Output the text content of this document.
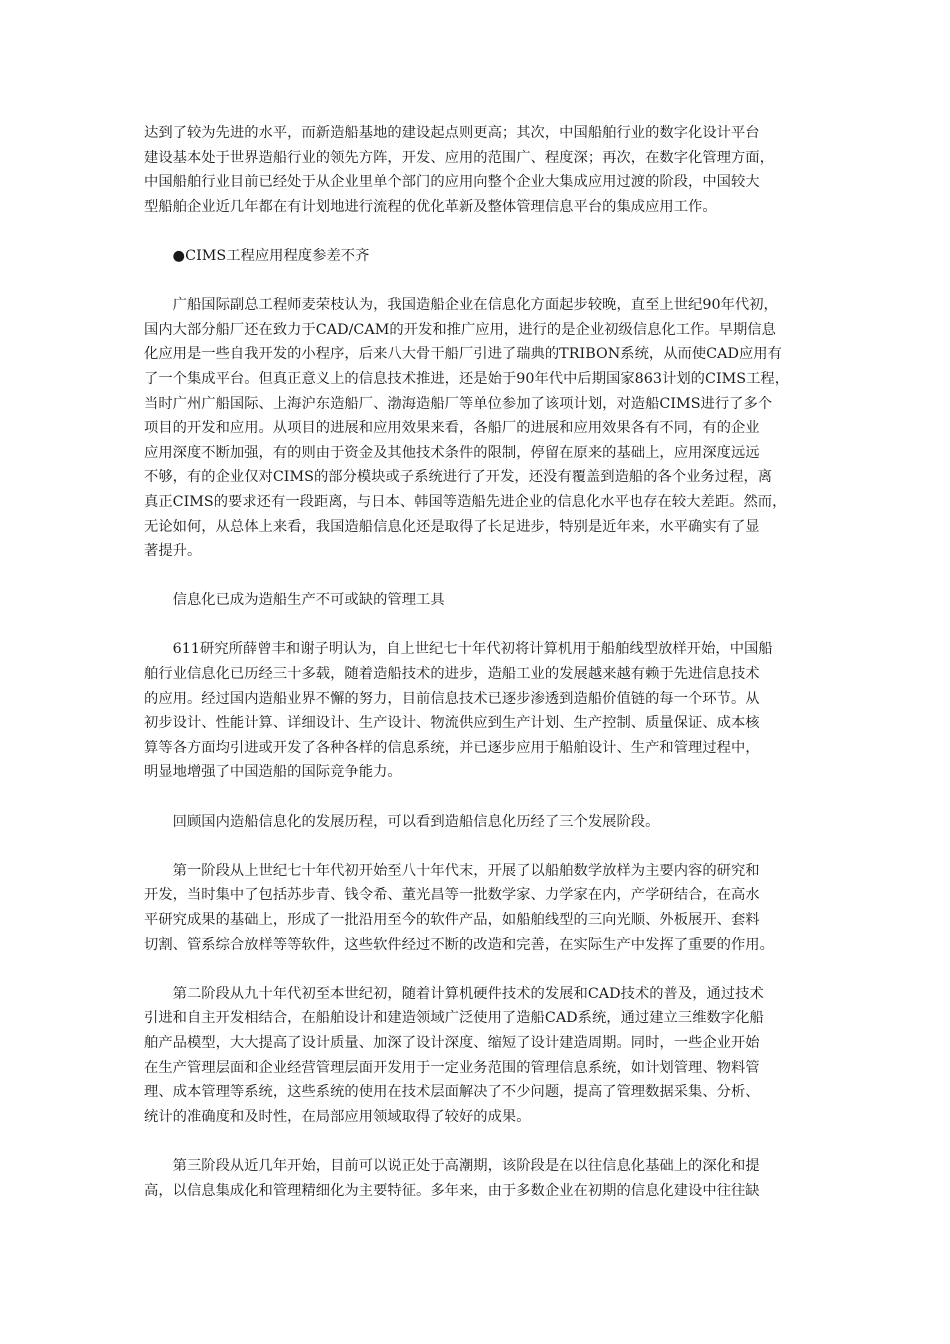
达到了较为先进的水平，而新造船基地的建设起点则更高；其次，中国船舶行业的数字化设计平台
建设基本处于世界造船行业的领先方阵，开发、应用的范围广、程度深；再次，在数字化管理方面，
中国船舶行业目前已经处于从企业里单个部门的应用向整个企业大集成应用过渡的阶段，中国较大
型船舶企业近几年都在有计划地进行流程的优化革新及整体管理信息平台的集成应用工作。
　　●CIMS工程应用程度参差不齐
　　广船国际副总工程师麦荣枝认为，我国造船企业在信息化方面起步较晚，直至上世纪90年代初，
国内大部分船厂还在致力于CAD/CAM的开发和推广应用，进行的是企业初级信息化工作。早期信息
化应用是一些自我开发的小程序，后来八大骨干船厂引进了瑞典的TRIBON系统，从而使CAD应用有
了一个集成平台。但真正意义上的信息技术推进，还是始于90年代中后期国家863计划的CIMS工程，
当时广州广船国际、上海沪东造船厂、渤海造船厂等单位参加了该项计划，对造船CIMS进行了多个
项目的开发和应用。从项目的进展和应用效果来看，各船厂的进展和应用效果各有不同，有的企业
应用深度不断加强，有的则由于资金及其他技术条件的限制，停留在原来的基础上，应用深度远远
不够，有的企业仅对CIMS的部分模块或子系统进行了开发，还没有覆盖到造船的各个业务过程，离
真正CIMS的要求还有一段距离，与日本、韩国等造船先进企业的信息化水平也存在较大差距。然而，
无论如何，从总体上来看，我国造船信息化还是取得了长足进步，特别是近年来，水平确实有了显
著提升。
　　信息化已成为造船生产不可或缺的管理工具
　　611研究所薛曾丰和谢子明认为，自上世纪七十年代初将计算机用于船舶线型放样开始，中国船
舶行业信息化已历经三十多载，随着造船技术的进步，造船工业的发展越来越有赖于先进信息技术
的应用。经过国内造船业界不懈的努力，目前信息技术已逐步渗透到造船价值链的每一个环节。从
初步设计、性能计算、详细设计、生产设计、物流供应到生产计划、生产控制、质量保证、成本核
算等各方面均引进或开发了各种各样的信息系统，并已逐步应用于船舶设计、生产和管理过程中，
明显地增强了中国造船的国际竞争能力。
　　回顾国内造船信息化的发展历程，可以看到造船信息化历经了三个发展阶段。
　　第一阶段从上世纪七十年代初开始至八十年代末，开展了以船舶数学放样为主要内容的研究和
开发，当时集中了包括苏步青、钱令希、董光昌等一批数学家、力学家在内，产学研结合，在高水
平研究成果的基础上，形成了一批沿用至今的软件产品，如船舶线型的三向光顺、外板展开、套料
切割、管系综合放样等等软件，这些软件经过不断的改造和完善，在实际生产中发挥了重要的作用。
　　第二阶段从九十年代初至本世纪初，随着计算机硬件技术的发展和CAD技术的普及，通过技术
引进和自主开发相结合，在船舶设计和建造领域广泛使用了造船CAD系统，通过建立三维数字化船
舶产品模型，大大提高了设计质量、加深了设计深度、缩短了设计建造周期。同时，一些企业开始
在生产管理层面和企业经营管理层面开发用于一定业务范围的管理信息系统，如计划管理、物料管
理、成本管理等系统，这些系统的使用在技术层面解决了不少问题，提高了管理数据采集、分析、
统计的准确度和及时性，在局部应用领域取得了较好的成果。
　　第三阶段从近几年开始，目前可以说正处于高潮期，该阶段是在以往信息化基础上的深化和提
高，以信息集成化和管理精细化为主要特征。多年来，由于多数企业在初期的信息化建设中往往缺
